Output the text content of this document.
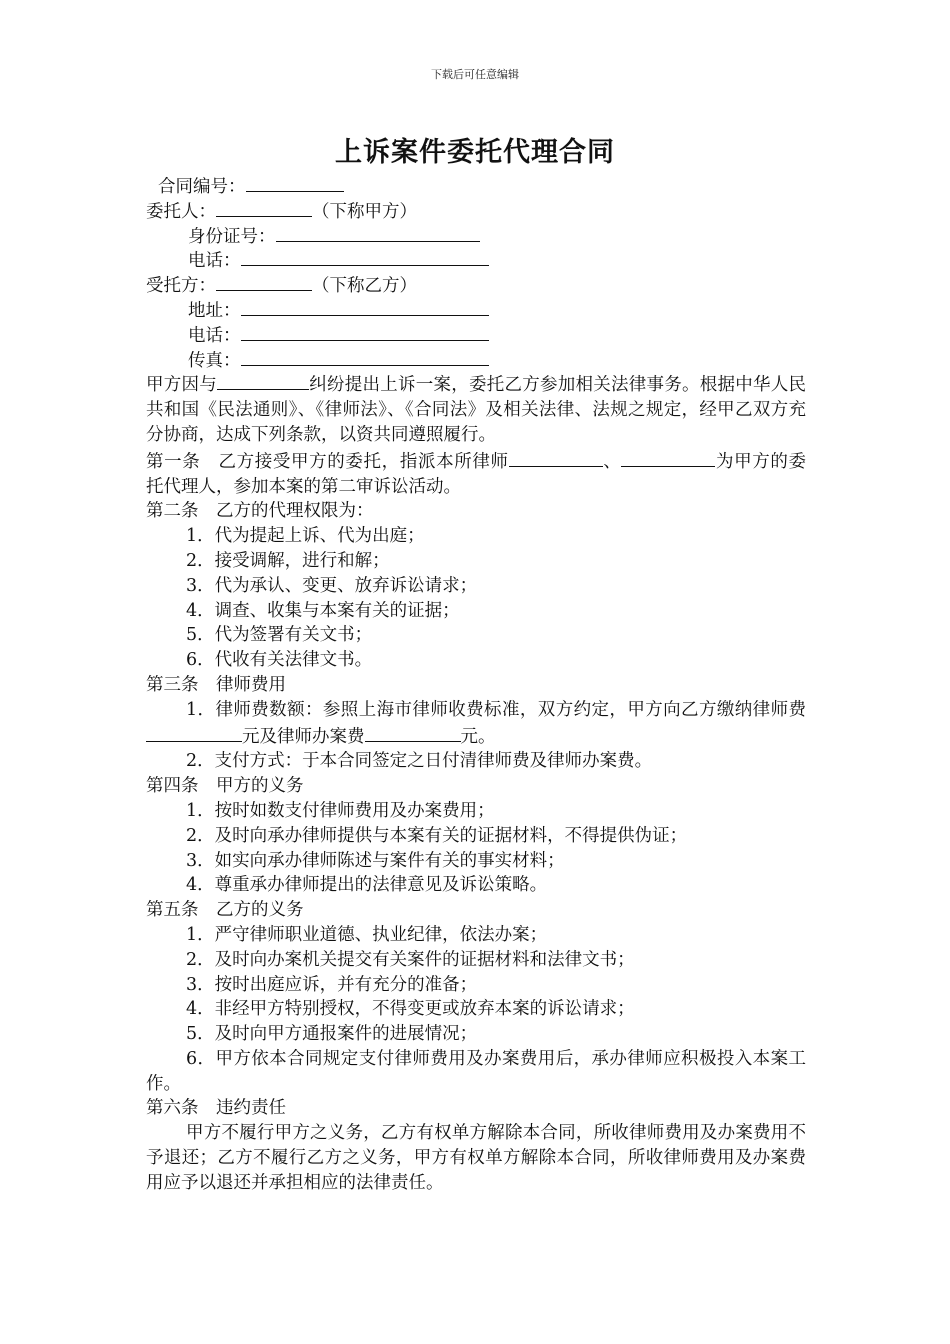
下载后可任意编辑
上诉案件委托代理合同
合同编号：
委托人：	（下称甲方）
身份证号：
电话：
受托方：	（下称乙方）
地址：
电话：
传真：
甲方因与	纠纷提出上诉一案，委托乙方参加相关法律事务。根据中华人民共和国《民法通则》、《律师法》、《合同法》及相关法律、法规之规定，经甲乙双方充分协商，达成下列条款，以资共同遵照履行。
第一条　乙方接受甲方的委托，指派本所律师	、	为甲方的委托代理人，参加本案的第二审诉讼活动。
第二条　乙方的代理权限为：
1．代为提起上诉、代为出庭；
2．接受调解，进行和解；
3．代为承认、变更、放弃诉讼请求；
4．调查、收集与本案有关的证据；
5．代为签署有关文书；
6．代收有关法律文书。
第三条　律师费用
1．律师费数额：参照上海市律师收费标准，双方约定，甲方向乙方缴纳律师费元及律师办案费	元。
2．支付方式：于本合同签定之日付清律师费及律师办案费。
第四条　甲方的义务
1．按时如数支付律师费用及办案费用；
2．及时向承办律师提供与本案有关的证据材料，不得提供伪证；
3．如实向承办律师陈述与案件有关的事实材料；
4．尊重承办律师提出的法律意见及诉讼策略。
第五条　乙方的义务
1．严守律师职业道德、执业纪律，依法办案；
2．及时向办案机关提交有关案件的证据材料和法律文书；
3．按时出庭应诉，并有充分的准备；
4．非经甲方特别授权，不得变更或放弃本案的诉讼请求；
5．及时向甲方通报案件的进展情况；
6．甲方依本合同规定支付律师费用及办案费用后，承办律师应积极投入本案工作。
第六条　违约责任
甲方不履行甲方之义务，乙方有权单方解除本合同，所收律师费用及办案费用不予退还；乙方不履行乙方之义务，甲方有权单方解除本合同，所收律师费用及办案费用应予以退还并承担相应的法律责任。
